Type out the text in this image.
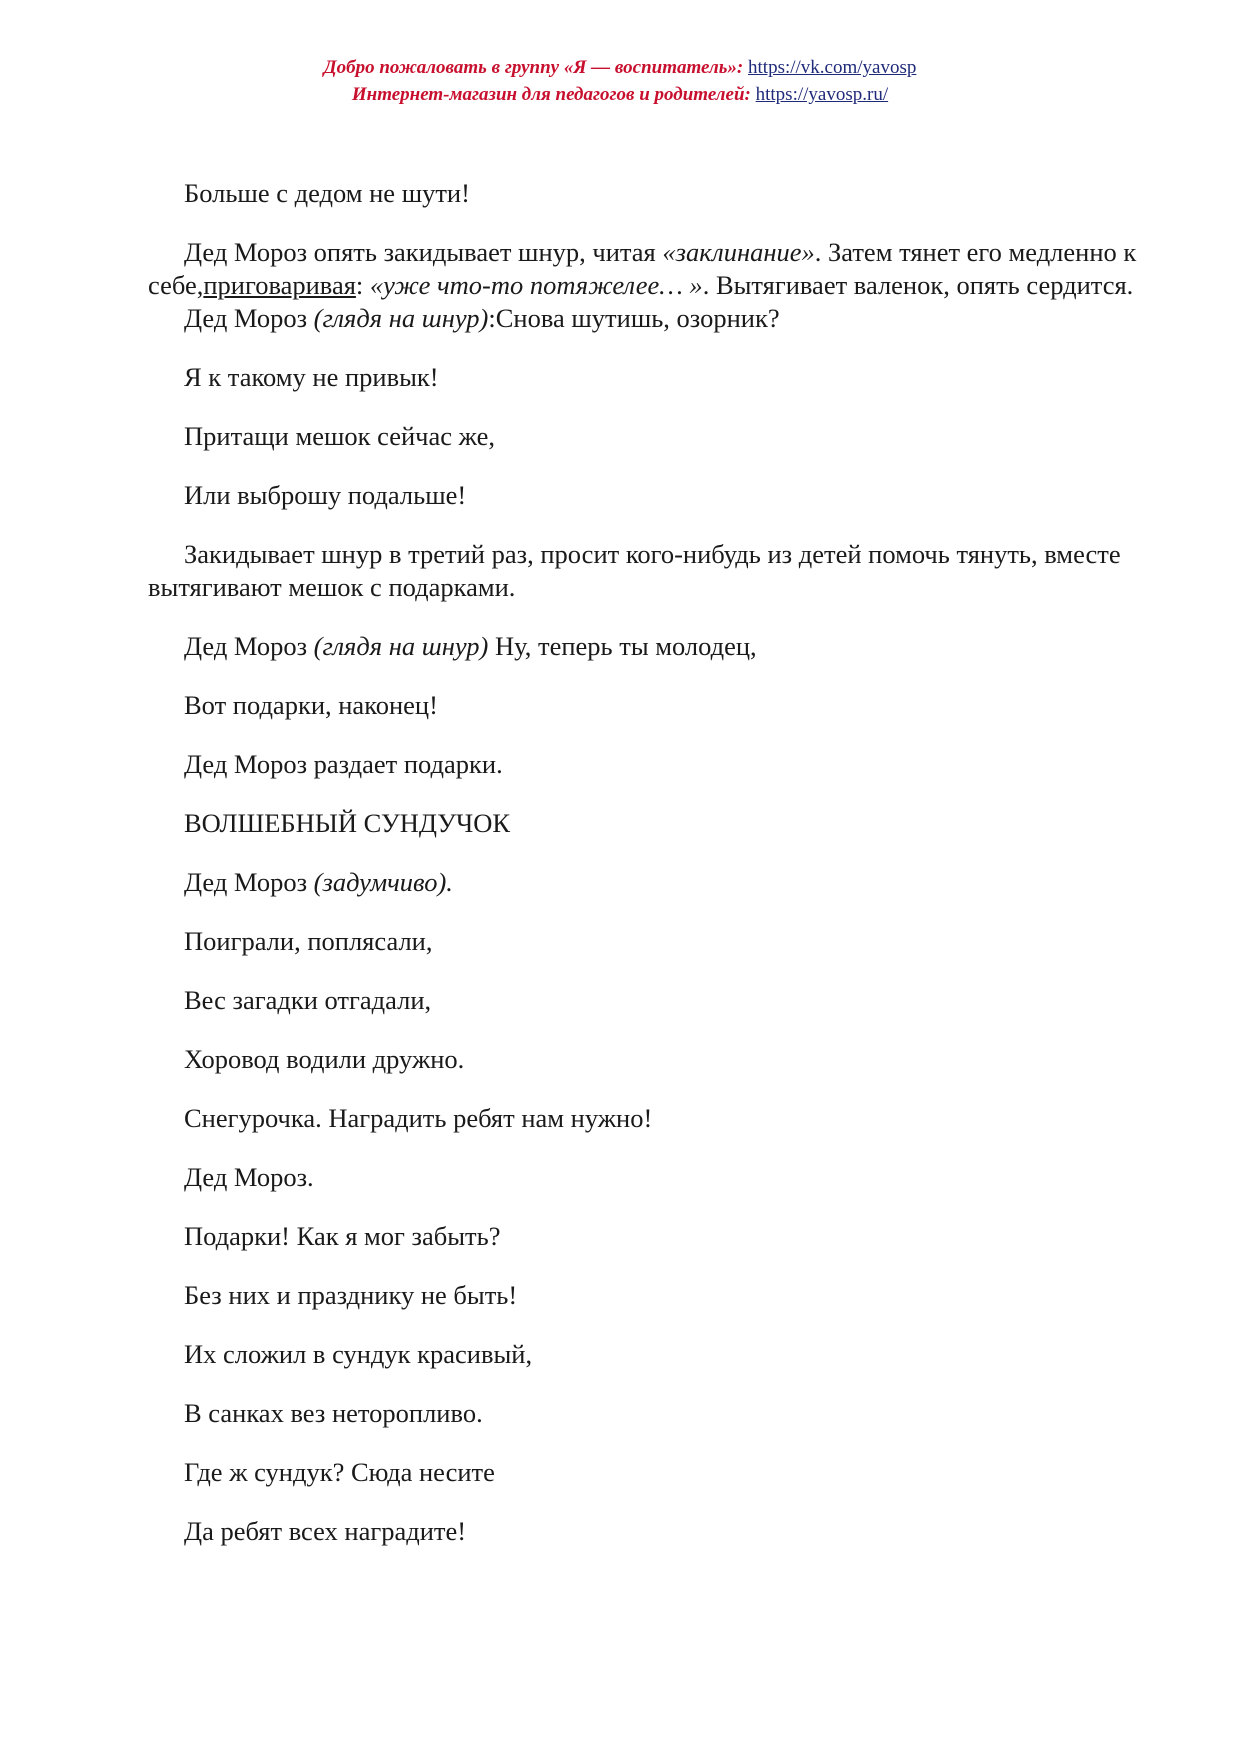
Добро пожаловать в группу «Я — воспитатель»: https://vk.com/yavosp
Интернет-магазин для педагогов и родителей: https://yavosp.ru/

Больше с дедом не шути!

Дед Мороз опять закидывает шнур, читая «заклинание». Затем тянет его медленно к себе,приговаривая: «уже что-то потяжелее… ». Вытягивает валенок, опять сердится.

Дед Мороз (глядя на шнур):Снова шутишь, озорник?

Я к такому не привык!

Притащи мешок сейчас же,

Или выброшу подальше!

Закидывает шнур в третий раз, просит кого-нибудь из детей помочь тянуть, вместе вытягивают мешок с подарками.

Дед Мороз (глядя на шнур) Ну, теперь ты молодец,

Вот подарки, наконец!

Дед Мороз раздает подарки.

ВОЛШЕБНЫЙ СУНДУЧОК

Дед Мороз (задумчиво).

Поиграли, поплясали,

Вес загадки отгадали,

Хоровод водили дружно.

Снегурочка. Наградить ребят нам нужно!

Дед Мороз.

Подарки! Как я мог забыть?

Без них и празднику не быть!

Их сложил в сундук красивый,

В санках вез неторопливо.

Где ж сундук? Сюда несите

Да ребят всех наградите!
